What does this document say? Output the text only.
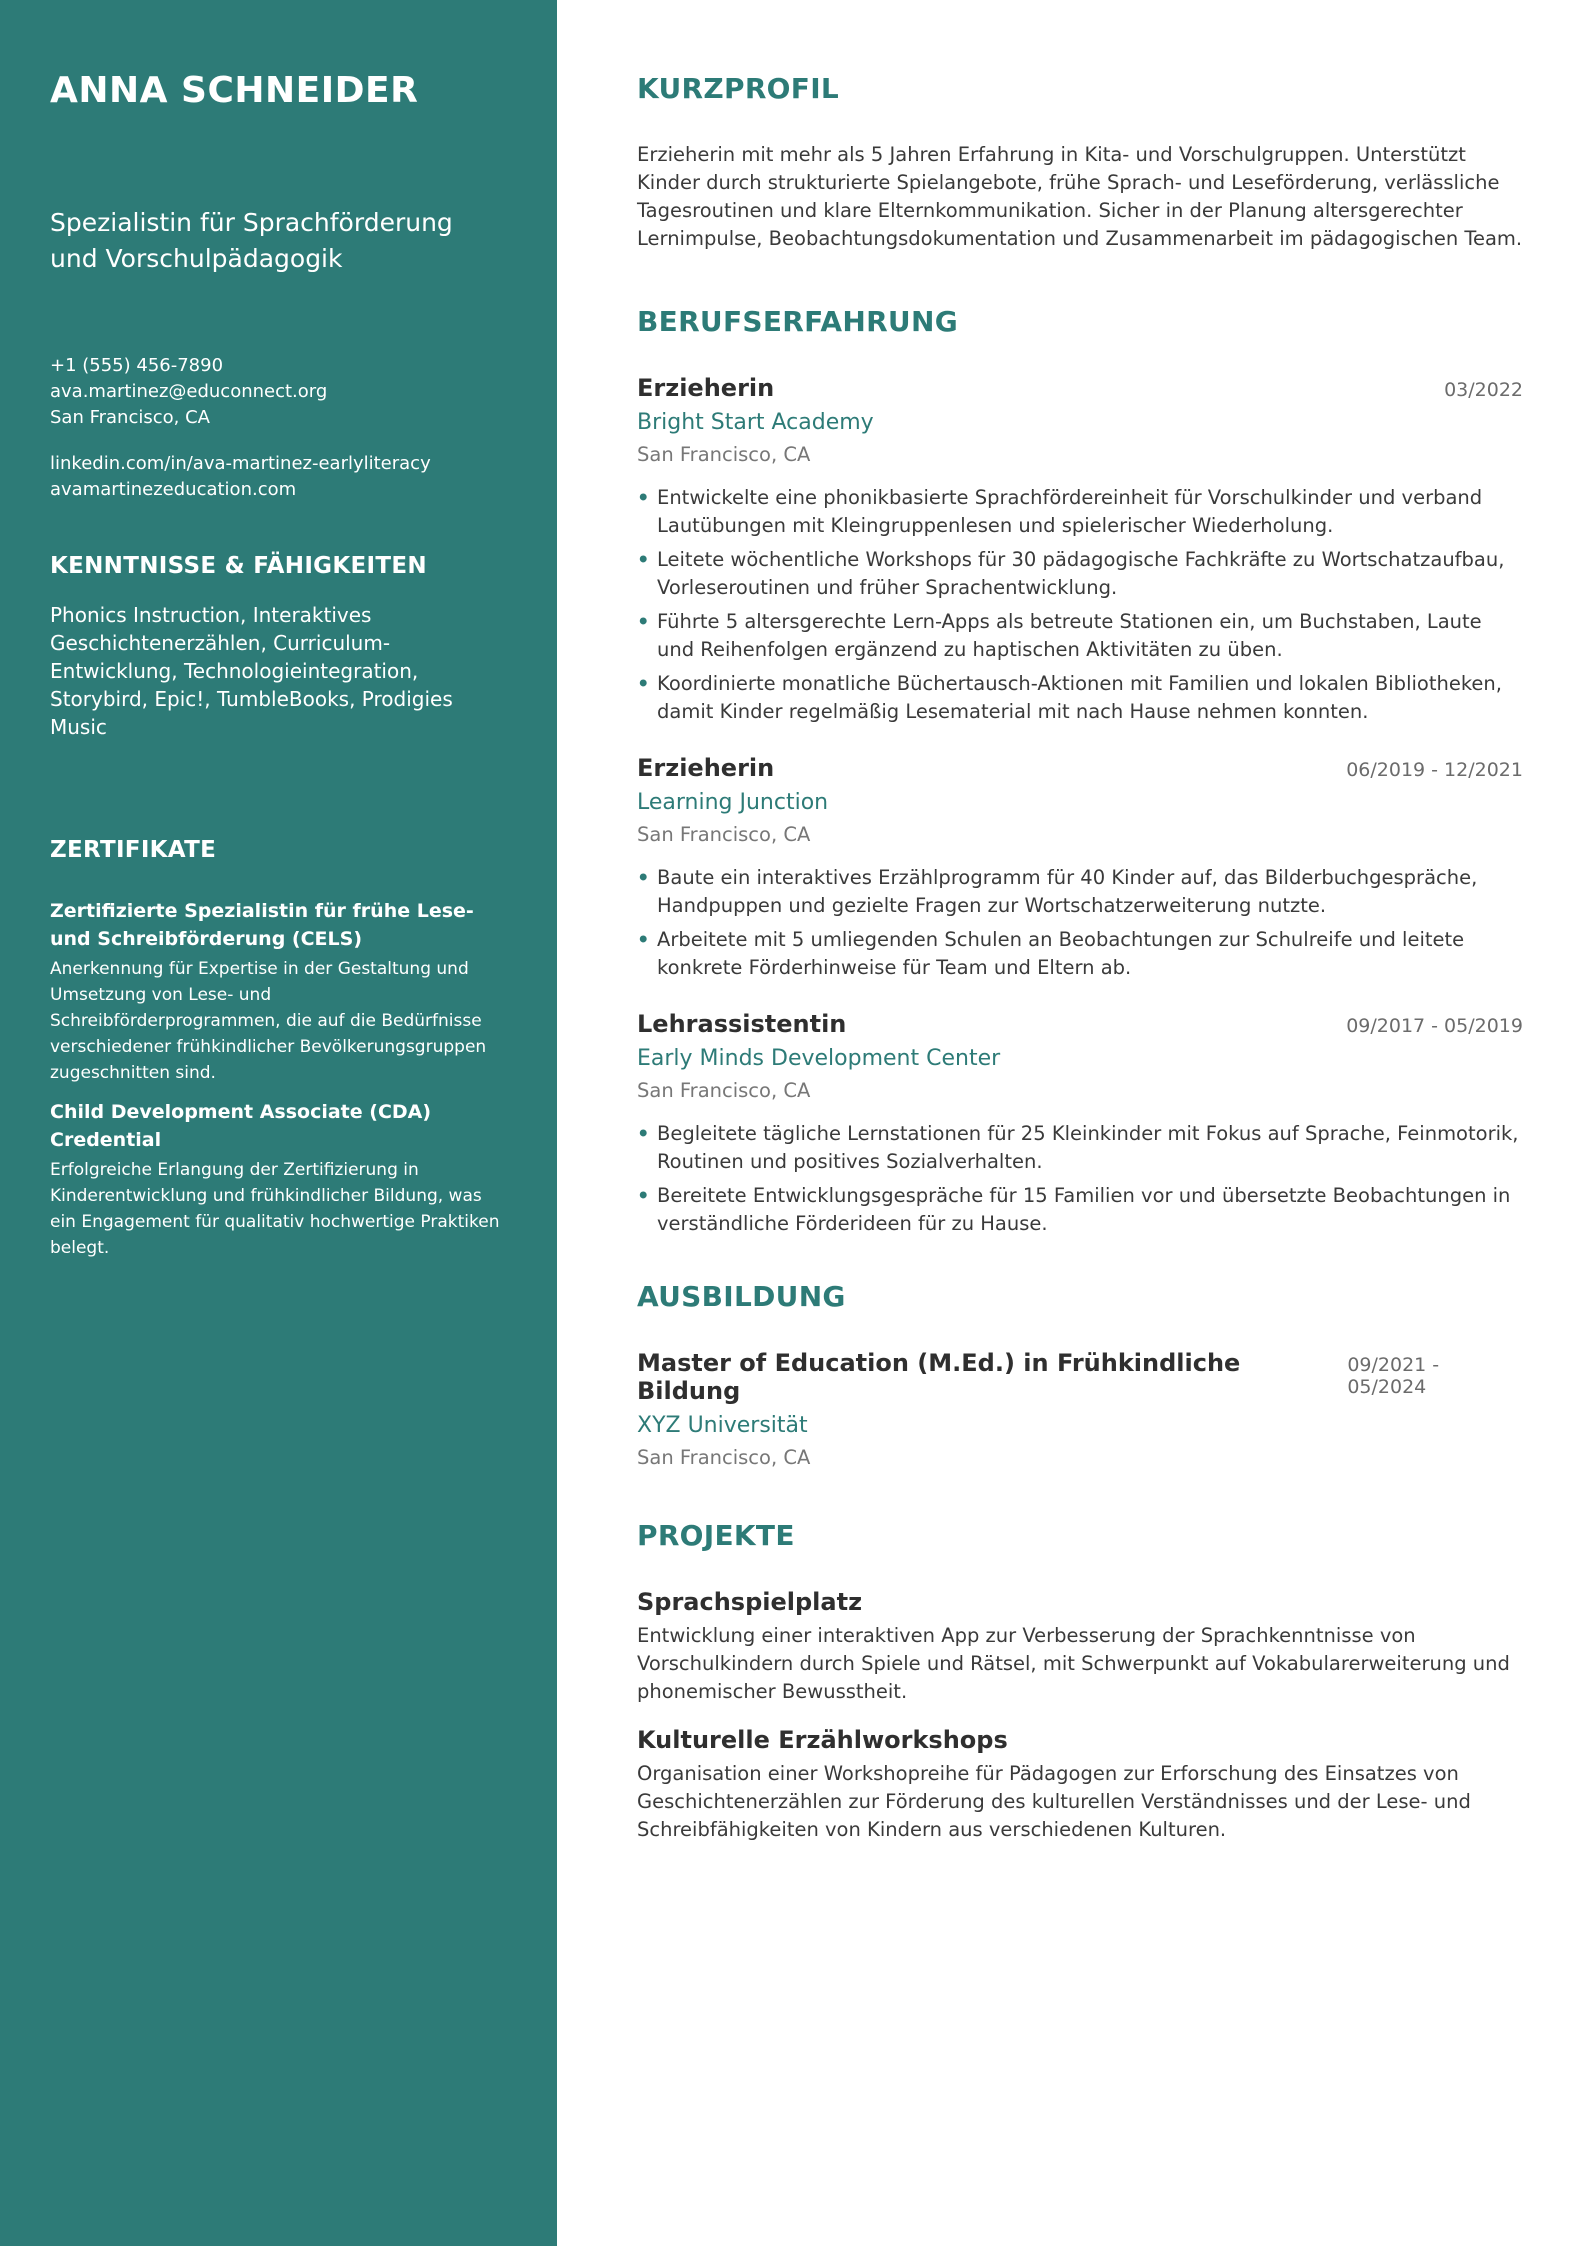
ANNA SCHNEIDER
Spezialistin für Sprachförderung und Vorschulpädagogik
+1 (555) 456-7890
ava.martinez@educonnect.org
San Francisco, CA
linkedin.com/in/ava-martinez-earlyliteracy
avamartinezeducation.com
KENNTNISSE & FÄHIGKEITEN
Phonics Instruction, Interaktives Geschichtenerzählen, Curriculum-Entwicklung, Technologieintegration, Storybird, Epic!, TumbleBooks, Prodigies Music
ZERTIFIKATE
Zertifizierte Spezialistin für frühe Lese- und Schreibförderung (CELS)
Anerkennung für Expertise in der Gestaltung und Umsetzung von Lese- und Schreibförderprogrammen, die auf die Bedürfnisse verschiedener frühkindlicher Bevölkerungsgruppen zugeschnitten sind.
Child Development Associate (CDA) Credential
Erfolgreiche Erlangung der Zertifizierung in Kinderentwicklung und frühkindlicher Bildung, was ein Engagement für qualitativ hochwertige Praktiken belegt.
KURZPROFIL
Erzieherin mit mehr als 5 Jahren Erfahrung in Kita- und Vorschulgruppen. Unterstützt Kinder durch strukturierte Spielangebote, frühe Sprach- und Leseförderung, verlässliche Tagesroutinen und klare Elternkommunikation. Sicher in der Planung altersgerechter Lernimpulse, Beobachtungsdokumentation und Zusammenarbeit im pädagogischen Team.
BERUFSERFAHRUNG
Erzieherin	03/2022
Bright Start Academy
San Francisco, CA
• Entwickelte eine phonikbasierte Sprachfördereinheit für Vorschulkinder und verband Lautübungen mit Kleingruppenlesen und spielerischer Wiederholung.
• Leitete wöchentliche Workshops für 30 pädagogische Fachkräfte zu Wortschatzaufbau, Vorleseroutinen und früher Sprachentwicklung.
• Führte 5 altersgerechte Lern-Apps als betreute Stationen ein, um Buchstaben, Laute und Reihenfolgen ergänzend zu haptischen Aktivitäten zu üben.
• Koordinierte monatliche Büchertausch-Aktionen mit Familien und lokalen Bibliotheken, damit Kinder regelmäßig Lesematerial mit nach Hause nehmen konnten.
Erzieherin	06/2019 - 12/2021
Learning Junction
San Francisco, CA
• Baute ein interaktives Erzählprogramm für 40 Kinder auf, das Bilderbuchgespräche, Handpuppen und gezielte Fragen zur Wortschatzerweiterung nutzte.
• Arbeitete mit 5 umliegenden Schulen an Beobachtungen zur Schulreife und leitete konkrete Förderhinweise für Team und Eltern ab.
Lehrassistentin	09/2017 - 05/2019
Early Minds Development Center
San Francisco, CA
• Begleitete tägliche Lernstationen für 25 Kleinkinder mit Fokus auf Sprache, Feinmotorik, Routinen und positives Sozialverhalten.
• Bereitete Entwicklungsgespräche für 15 Familien vor und übersetzte Beobachtungen in verständliche Förderideen für zu Hause.
AUSBILDUNG
Master of Education (M.Ed.) in Frühkindliche Bildung
09/2021 - 05/2024
XYZ Universität
San Francisco, CA
PROJEKTE
Sprachspielplatz
Entwicklung einer interaktiven App zur Verbesserung der Sprachkenntnisse von Vorschulkindern durch Spiele und Rätsel, mit Schwerpunkt auf Vokabularerweiterung und phonemischer Bewusstheit.
Kulturelle Erzählworkshops
Organisation einer Workshopreihe für Pädagogen zur Erforschung des Einsatzes von Geschichtenerzählen zur Förderung des kulturellen Verständnisses und der Lese- und Schreibfähigkeiten von Kindern aus verschiedenen Kulturen.
